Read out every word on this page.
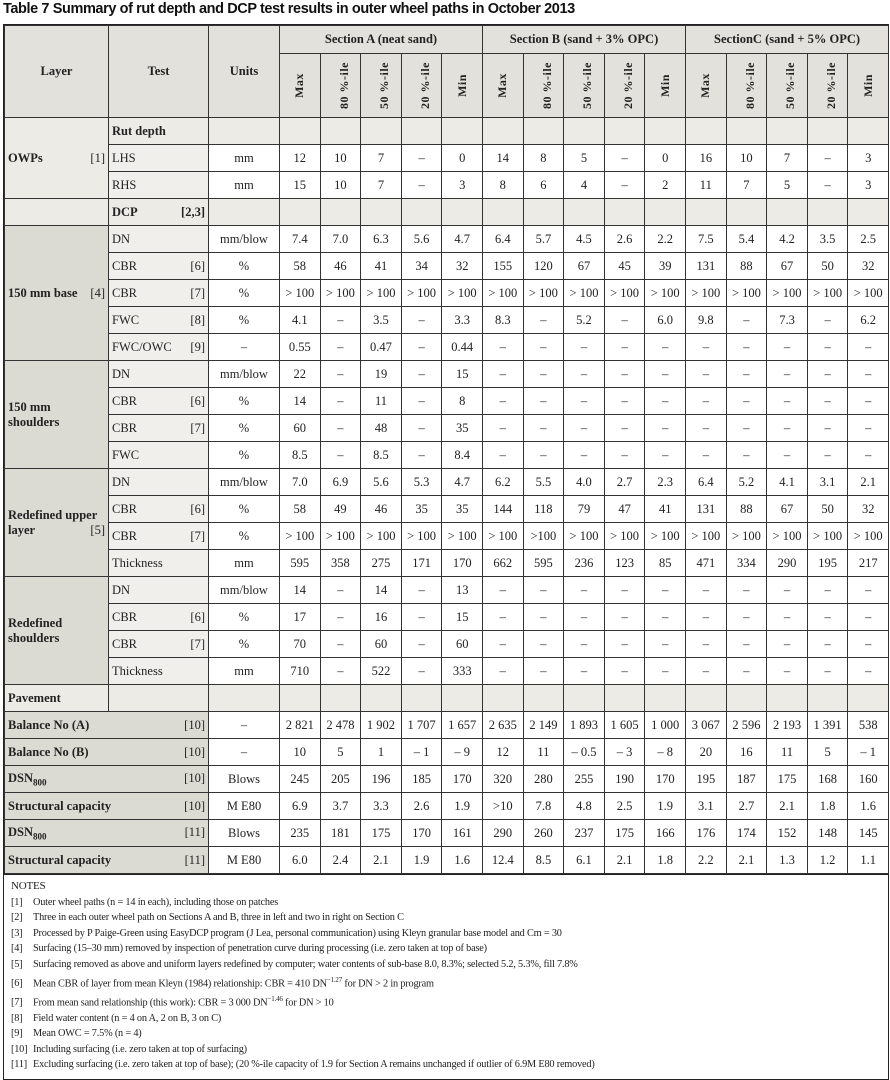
Table 7 Summary of rut depth and DCP test results in outer wheel paths in October 2013
Layer	Test	Units	Section A (neat sand)					Section B (sand + 3% OPC)					SectionC (sand + 5% OPC)				
			Max	80 %-ile	50 %-ile	20 %-ile	Min	Max	80 %-ile	50 %-ile	20 %-ile	Min	Max	80 %-ile	50 %-ile	20 %-ile	Min
OWPs [1]	Rut depth																
	LHS	mm	12	10	7	–	0	14	8	5	–	0	16	10	7	–	3
	RHS	mm	15	10	7	–	3	8	6	4	–	2	11	7	5	–	3
	DCP [2,3]																

150 mm base [4]	DN	mm/blow	7.4	7.0	6.3	5.6	4.7	6.4	5.7	4.5	2.6	2.2	7.5	5.4	4.2	3.5	2.5
	CBR [6]	%	58	46	41	34	32	155	120	67	45	39	131	88	67	50	32
	CBR [7]	%	> 100	> 100	> 100	> 100	> 100	> 100	> 100	> 100	> 100	> 100	> 100	> 100	> 100	> 100	> 100
	FWC [8]	%	4.1	–	3.5	–	3.3	8.3	–	5.2	–	6.0	9.8	–	7.3	–	6.2
	FWC/OWC [9]	–	0.55	–	0.47	–	0.44	–	–	–	–	–	–	–	–	–	–
150 mm shoulders	DN	mm/blow	22	–	19	–	15	–	–	–	–	–	–	–	–	–	–
	CBR [6]	%	14	–	11	–	8	–	–	–	–	–	–	–	–	–	–
	CBR [7]	%	60	–	48	–	35	–	–	–	–	–	–	–	–	–	–
	FWC	%	8.5	–	8.5	–	8.4	–	–	–	–	–	–	–	–	–	–
Redefined upper layer [5]	DN	mm/blow	7.0	6.9	5.6	5.3	4.7	6.2	5.5	4.0	2.7	2.3	6.4	5.2	4.1	3.1	2.1
	CBR [6]	%	58	49	46	35	35	144	118	79	47	41	131	88	67	50	32
	CBR [7]	%	> 100	> 100	> 100	> 100	> 100	> 100	>100	> 100	> 100	> 100	> 100	> 100	> 100	> 100	> 100
	Thickness	mm	595	358	275	171	170	662	595	236	123	85	471	334	290	195	217
Redefined shoulders	DN	mm/blow	14	–	14	–	13	–	–	–	–	–	–	–	–	–	–
	CBR [6]	%	17	–	16	–	15	–	–	–	–	–	–	–	–	–	–
	CBR [7]	%	70	–	60	–	60	–	–	–	–	–	–	–	–	–	–
	Thickness	mm	710	–	522	–	333	–	–	–	–	–	–	–	–	–	–
Pavement																	
Balance No (A) [10]		–	2 821	2 478	1 902	1 707	1 657	2 635	2 149	1 893	1 605	1 000	3 067	2 596	2 193	1 391	538
Balance No (B) [10]		–	10	5	1	– 1	– 9	12	11	– 0.5	– 3	– 8	20	16	11	5	– 1
$DSN_{800}$ [10]		Blows	245	205	196	185	170	320	280	255	190	170	195	187	175	168	160
Structural capacity [10]		M E80	6.9	3.7	3.3	2.6	1.9	>10	7.8	4.8	2.5	1.9	3.1	2.7	2.1	1.8	1.6
$DSN_{800}$ [11]		Blows	235	181	175	170	161	290	260	237	175	166	176	174	152	148	145
Structural capacity [11]		M E80	6.0	2.4	2.1	1.9	1.6	12.4	8.5	6.1	2.1	1.8	2.2	2.1	1.3	1.2	1.1
NOTES
[1] Outer wheel paths (n = 14 in each), including those on patches
[2] Three in each outer wheel path on Sections A and B, three in left and two in right on Section C
[3] Processed by P Paige-Green using EasyDCP program (J Lea, personal communication) using Kleyn granular base model and Cm = 30
[4] Surfacing (15–30 mm) removed by inspection of penetration curve during processing (i.e. zero taken at top of base)
[5] Surfacing removed as above and uniform layers redefined by computer; water contents of sub-base 8.0, 8.3%; selected 5.2, 5.3%, fill 7.8%
[6] Mean CBR of layer from mean Kleyn (1984) relationship: CBR = 410 $DN^{-1.27}$ for DN > 2 in program
[7] From mean sand relationship (this work): CBR = 3 000 $DN^{-1.46}$ for DN > 10
[8] Field water content (n = 4 on A, 2 on B, 3 on C)
[9] Mean OWC = 7.5% (n = 4)
[10] Including surfacing (i.e. zero taken at top of surfacing)
[11] Excluding surfacing (i.e. zero taken at top of base); (20 %-ile capacity of 1.9 for Section A remains unchanged if outlier of 6.9M E80 removed)
